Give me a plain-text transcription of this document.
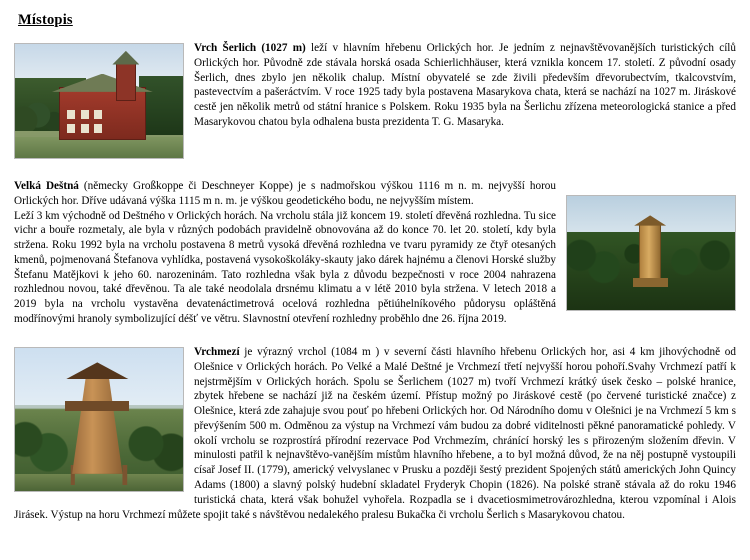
Místopis

Vrch Šerlich (1027 m) leží v hlavním hřebenu Orlických hor. Je jedním z nejnavštěvovanějších turistických cílů Orlických hor. Původně zde stávala horská osada Schierlichhäuser, která vznikla koncem 17. století. Z původní osady Šerlich, dnes zbylo jen několik chalup. Místní obyvatelé se zde živili především dřevorubectvím, tkalcovstvím, pastevectvím a pašeráctvím. V roce 1925 tady byla postavena Masarykova chata, která se nachází na 1027 m. Jiráskové cestě jen několik metrů od státní hranice s Polskem. Roku 1935 byla na Šerlichu zřízena meteorologická stanice a před Masarykovou chatou byla odhalena busta prezidenta T. G. Masaryka.

Velká Deštná (německy Großkoppe či Deschneyer Koppe) je s nadmořskou výškou 1116 m n. m. nejvyšší horou Orlických hor. Dříve udávaná výška 1115 m n. m. je výškou geodetického bodu, ne nejvyšším místem.

Leží 3 km východně od Deštného v Orlických horách. Na vrcholu stála již koncem 19. století dřevěná rozhledna. Tu sice vichr a bouře rozmetaly, ale byla v různých podobách pravidelně obnovována až do konce 70. let 20. století, kdy byla stržena. Roku 1992 byla na vrcholu postavena 8 metrů vysoká dřevěná rozhledna ve tvaru pyramidy ze čtyř otesaných kmenů, pojmenovaná Štefanova vyhlídka, postavená vysokoškoláky-skauty jako dárek hajnému a členovi Horské služby Štefanu Matějkovi k jeho 60. narozeninám. Tato rozhledna však byla z důvodu bezpečnosti v roce 2004 nahrazena rozhlednou novou, také dřevěnou. Ta ale také neodolala drsnému klimatu a v létě 2010 byla stržena. V letech 2018 a 2019 byla na vrcholu vystavěna devatenáctimetrová ocelová rozhledna pětiúhelníkového půdorysu opláštěná modřínovými hranoly symbolizující déšť ve větru. Slavnostní otevření rozhledny proběhlo dne 26. října 2019.

Vrchmezí je výrazný vrchol (1084 m ) v severní části hlavního hřebenu Orlických hor, asi 4 km jihovýchodně od Olešnice v Orlických horách. Po Velké a Malé Deštné je Vrchmezí třetí nejvyšší horou pohoří.Svahy Vrchmezí patří k nejstrmějším v Orlických horách. Spolu se Šerlichem (1027 m) tvoří Vrchmezí krátký úsek česko – polské hranice, zbytek hřebene se nachází již na českém území. Přístup možný po Jiráskové cestě (po červené turistické značce) z Olešnice, která zde zahajuje svou pouť po hřebeni Orlických hor. Od Národního domu v Olešnici je na Vrchmezí 5 km s převýšením 500 m. Odměnou za výstup na Vrchmezí vám budou za dobré viditelnosti pěkné panoramatické pohledy. V okolí vrcholu se rozprostírá přírodní rezervace Pod Vrchmezím, chránící horský les s přirozeným složením dřevin. V minulosti patřil k nejnavštěvo-vanějším místům hlavního hřebene, a to byl možná důvod, že na něj postupně vystoupili císař Josef II. (1779), americký velvyslanec v Prusku a později šestý prezident Spojených států amerických John Quincy Adams (1800) a slavný polský hudební skladatel Fryderyk Chopin (1826). Na polské straně stávala až do roku 1946 turistická chata, která však bohužel vyhořela. Rozpadla se i dvacetiosmimetrovározhledna, kterou vzpomínal i Alois Jirásek. Výstup na horu Vrchmezí můžete spojit také s návštěvou nedalekého pralesu Bukačka či vrcholu Šerlich s Masarykovou chatou.
